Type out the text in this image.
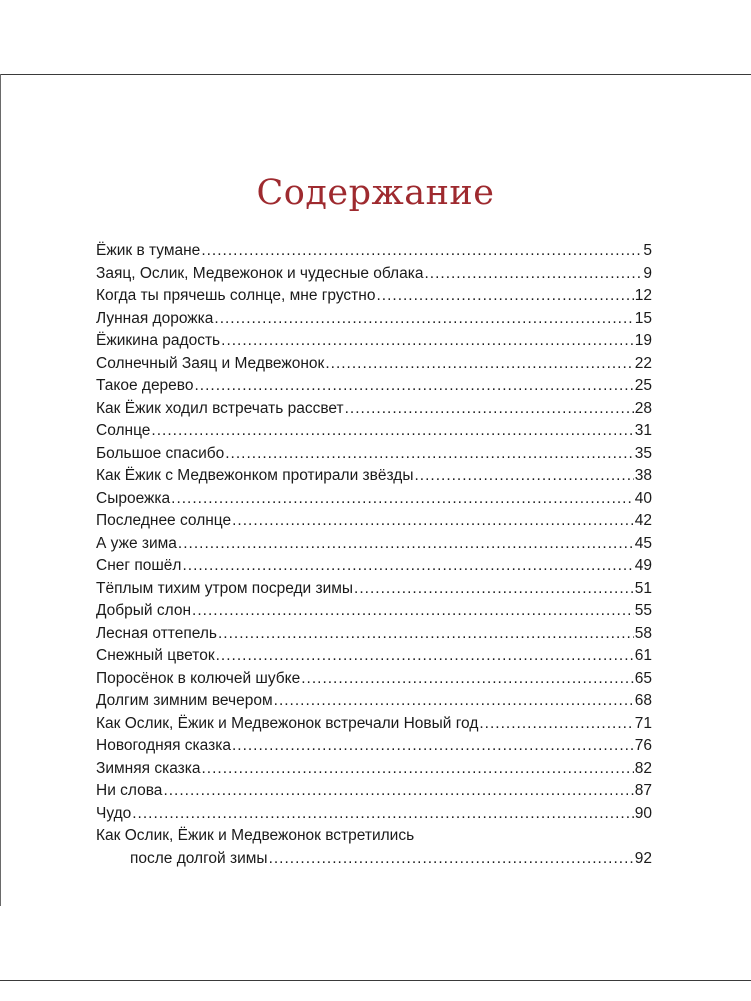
Содержание
Ёжик в тумане .....	5
Заяц, Ослик, Медвежонок и чудесные облака .....	9
Когда ты прячешь солнце, мне грустно .....	12
Лунная дорожка .....	15
Ёжикина радость .....	19
Солнечный Заяц и Медвежонок .....	22
Такое дерево .....	25
Как Ёжик ходил встречать рассвет .....	28
Солнце .....	31
Большое спасибо .....	35
Как Ёжик с Медвежонком протирали звёзды .....	38
Сыроежка .....	40
Последнее солнце .....	42
А уже зима .....	45
Снег пошёл .....	49
Тёплым тихим утром посреди зимы .....	51
Добрый слон .....	55
Лесная оттепель .....	58
Снежный цветок .....	61
Поросёнок в колючей шубке .....	65
Долгим зимним вечером .....	68
Как Ослик, Ёжик и Медвежонок встречали Новый год .....	71
Новогодняя сказка .....	76
Зимняя сказка .....	82
Ни слова .....	87
Чудо .....	90
Как Ослик, Ёжик и Медвежонок встретились
после долгой зимы .....	92
